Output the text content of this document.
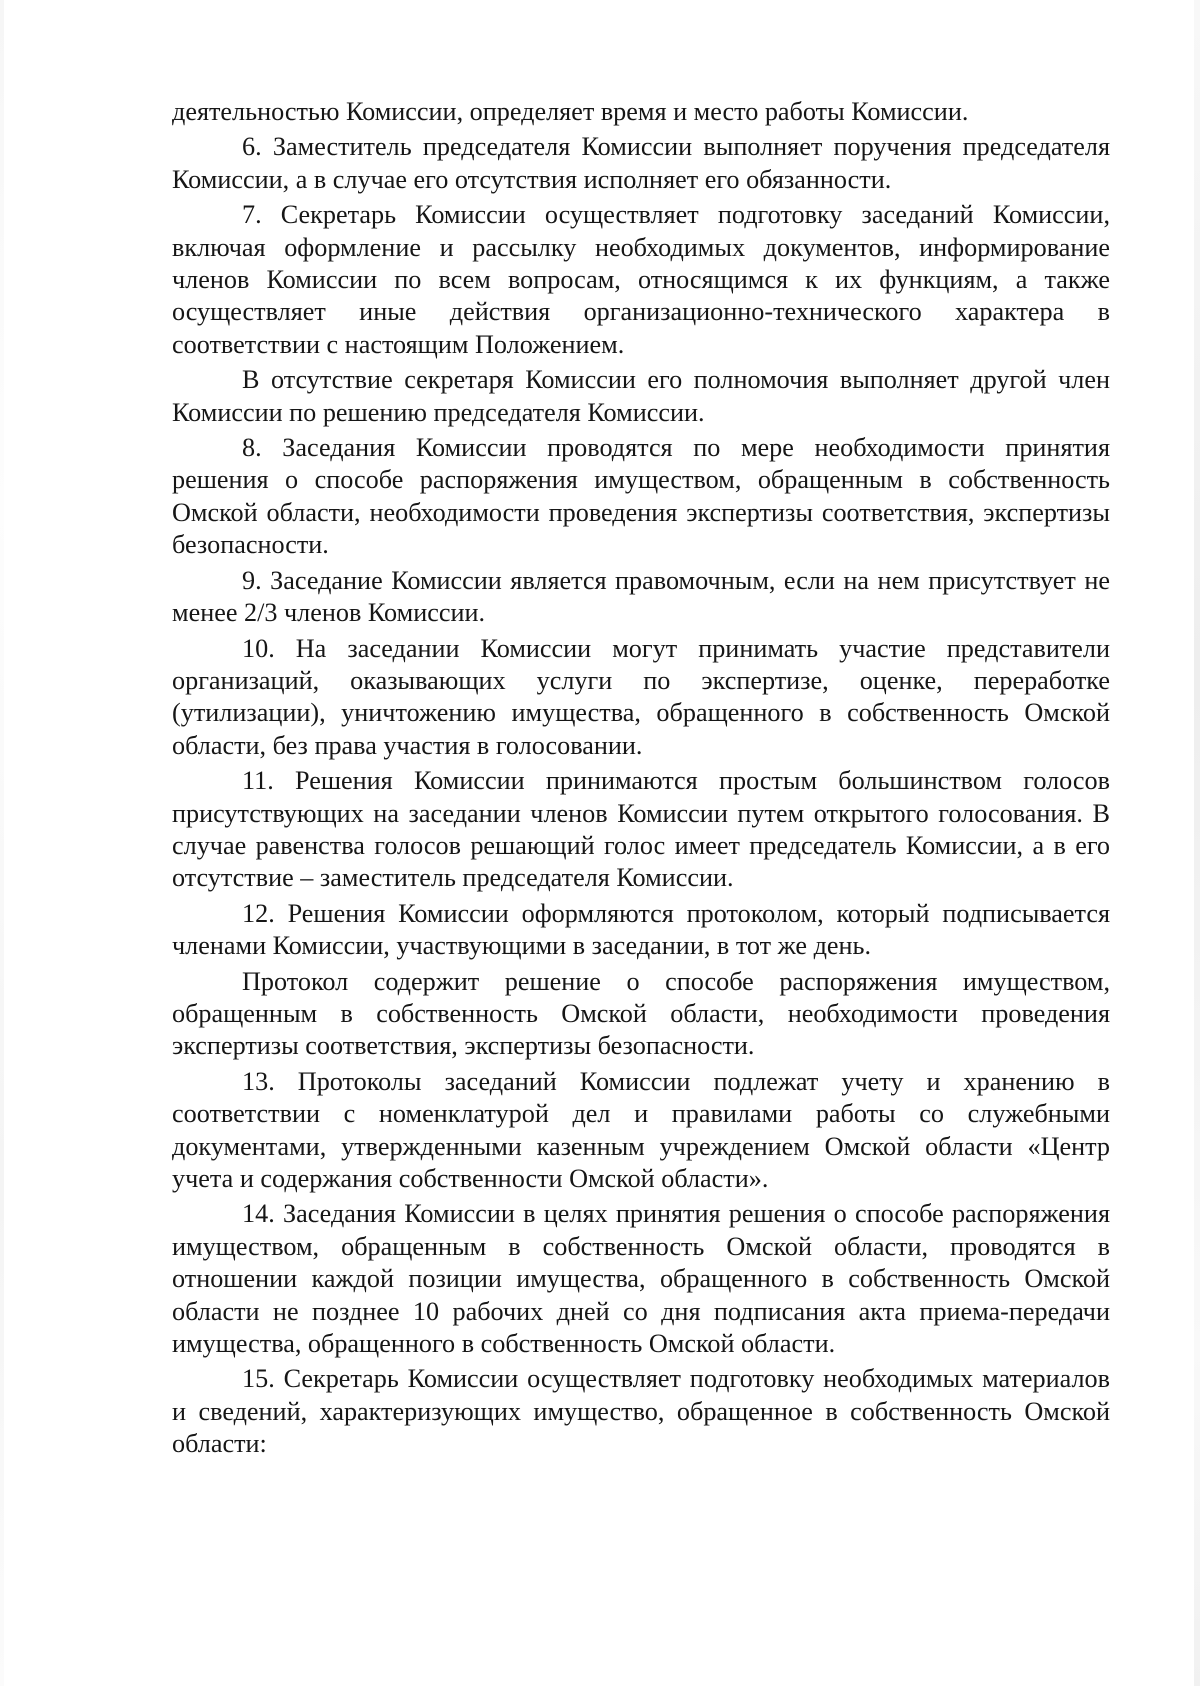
деятельностью Комиссии, определяет время и место работы Комиссии.

6. Заместитель председателя Комиссии выполняет поручения председателя Комиссии, а в случае его отсутствия исполняет его обязанности.

7. Секретарь Комиссии осуществляет подготовку заседаний Комиссии, включая оформление и рассылку необходимых документов, информирование членов Комиссии по всем вопросам, относящимся к их функциям, а также осуществляет иные действия организационно-технического характера в соответствии с настоящим Положением.

В отсутствие секретаря Комиссии его полномочия выполняет другой член Комиссии по решению председателя Комиссии.

8. Заседания Комиссии проводятся по мере необходимости принятия решения о способе распоряжения имуществом, обращенным в собственность Омской области, необходимости проведения экспертизы соответствия, экспертизы безопасности.

9. Заседание Комиссии является правомочным, если на нем присутствует не менее 2/3 членов Комиссии.

10. На заседании Комиссии могут принимать участие представители организаций, оказывающих услуги по экспертизе, оценке, переработке (утилизации), уничтожению имущества, обращенного в собственность Омской области, без права участия в голосовании.

11. Решения Комиссии принимаются простым большинством голосов присутствующих на заседании членов Комиссии путем открытого голосования. В случае равенства голосов решающий голос имеет председатель Комиссии, а в его отсутствие – заместитель председателя Комиссии.

12. Решения Комиссии оформляются протоколом, который подписывается членами Комиссии, участвующими в заседании, в тот же день.

Протокол содержит решение о способе распоряжения имуществом, обращенным в собственность Омской области, необходимости проведения экспертизы соответствия, экспертизы безопасности.

13. Протоколы заседаний Комиссии подлежат учету и хранению в соответствии с номенклатурой дел и правилами работы со служебными документами, утвержденными казенным учреждением Омской области «Центр учета и содержания собственности Омской области».

14. Заседания Комиссии в целях принятия решения о способе распоряжения имуществом, обращенным в собственность Омской области, проводятся в отношении каждой позиции имущества, обращенного в собственность Омской области не позднее 10 рабочих дней со дня подписания акта приема-передачи имущества, обращенного в собственность Омской области.

15. Секретарь Комиссии осуществляет подготовку необходимых материалов и сведений, характеризующих имущество, обращенное в собственность Омской области:
